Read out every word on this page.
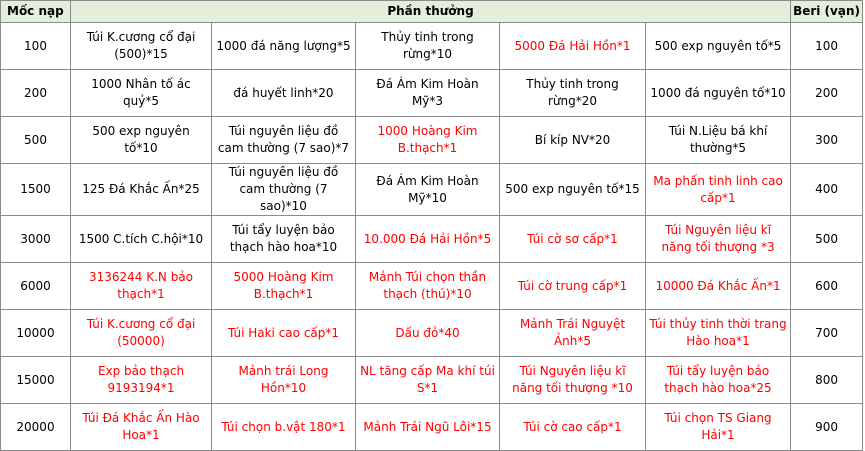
Mốc nạp	Phần thưởng					Beri (vạn)
100	Túi K.cương cổ đại (500)*15	1000 đá năng lượng*5	Thủy tinh trong rừng*10	5000 Đá Hải Hồn*1	500 exp nguyên tố*5	100
200	1000 Nhân tố ác quỷ*5	đá huyết linh*20	Đá Ám Kim Hoàn Mỹ*3	Thủy tinh trong rừng*20	1000 đá nguyên tố*10	200
500	500 exp nguyên tố*10	Túi nguyên liệu đồ cam thường (7 sao)*7	1000 Hoàng Kim B.thạch*1	Bí kíp NV*20	Túi N.Liệu bá khí thường*5	300
1500	125 Đá Khắc Ấn*25	Túi nguyên liệu đồ cam thường (7 sao)*10	Đá Ám Kim Hoàn Mỹ*10	500 exp nguyên tố*15	Ma phấn tinh linh cao cấp*1	400
3000	1500 C.tích C.hội*10	Túi tẩy luyện bảo thạch hào hoa*10	10.000 Đá Hải Hồn*5	Túi cờ sơ cấp*1	Túi Nguyên liệu kĩ năng tối thượng *3	500
6000	3136244 K.N bảo thạch*1	5000 Hoàng Kim B.thạch*1	Mảnh Túi chọn thần thạch (thú)*10	Túi cờ trung cấp*1	10000 Đá Khắc Ấn*1	600
10000	Túi K.cương cổ đại (50000)	Túi Haki cao cấp*1	Dấu đỏ*40	Mảnh Trái Nguyệt Ảnh*5	Túi thủy tinh thời trang Hào hoa*1	700
15000	Exp bảo thạch 9193194*1	Mảnh trái Long Hồn*10	NL tăng cấp Ma khí túi S*1	Túi Nguyên liệu kĩ năng tối thượng *10	Túi tẩy luyện bảo thạch hào hoa*25	800
20000	Túi Đá Khắc Ấn Hào Hoa*1	Túi chọn b.vật 180*1	Mảnh Trái Ngũ Lôi*15	Túi cờ cao cấp*1	Túi chọn TS Giang Hải*1	900
